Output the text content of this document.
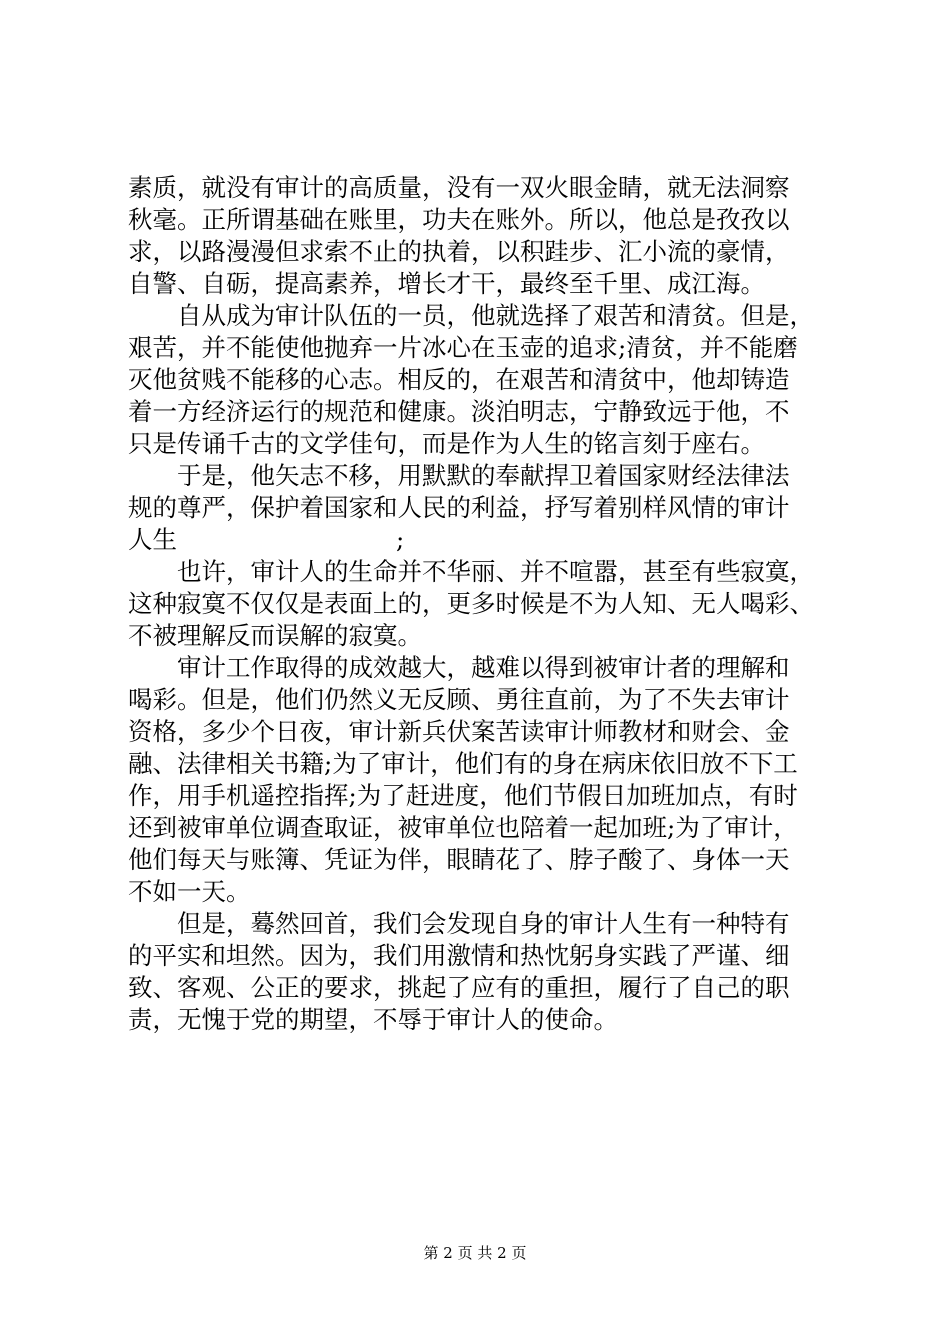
素质，就没有审计的高质量，没有一双火眼金睛，就无法洞察
秋毫。正所谓基础在账里，功夫在账外。所以，他总是孜孜以
求，以路漫漫但求索不止的执着，以积跬步、汇小流的豪情，
自警、自砺，提高素养，增长才干，最终至千里、成江海。
　　自从成为审计队伍的一员，他就选择了艰苦和清贫。但是，
艰苦，并不能使他抛弃一片冰心在玉壶的追求;清贫，并不能磨
灭他贫贱不能移的心志。相反的，在艰苦和清贫中，他却铸造
着一方经济运行的规范和健康。淡泊明志，宁静致远于他，不
只是传诵千古的文学佳句，而是作为人生的铭言刻于座右。
　　于是，他矢志不移，用默默的奉献捍卫着国家财经法律法
规的尊严，保护着国家和人民的利益，抒写着别样风情的审计
人生	;
　　也许，审计人的生命并不华丽、并不喧嚣，甚至有些寂寞，
这种寂寞不仅仅是表面上的，更多时候是不为人知、无人喝彩、
不被理解反而误解的寂寞。
　　审计工作取得的成效越大，越难以得到被审计者的理解和
喝彩。但是，他们仍然义无反顾、勇往直前，为了不失去审计
资格，多少个日夜，审计新兵伏案苦读审计师教材和财会、金
融、法律相关书籍;为了审计，他们有的身在病床依旧放不下工
作，用手机遥控指挥;为了赶进度，他们节假日加班加点，有时
还到被审单位调查取证，被审单位也陪着一起加班;为了审计，
他们每天与账簿、凭证为伴，眼睛花了、脖子酸了、身体一天
不如一天。
　　但是，蓦然回首，我们会发现自身的审计人生有一种特有
的平实和坦然。因为，我们用激情和热忱躬身实践了严谨、细
致、客观、公正的要求，挑起了应有的重担，履行了自己的职
责，无愧于党的期望，不辱于审计人的使命。
第 2 页 共 2 页
